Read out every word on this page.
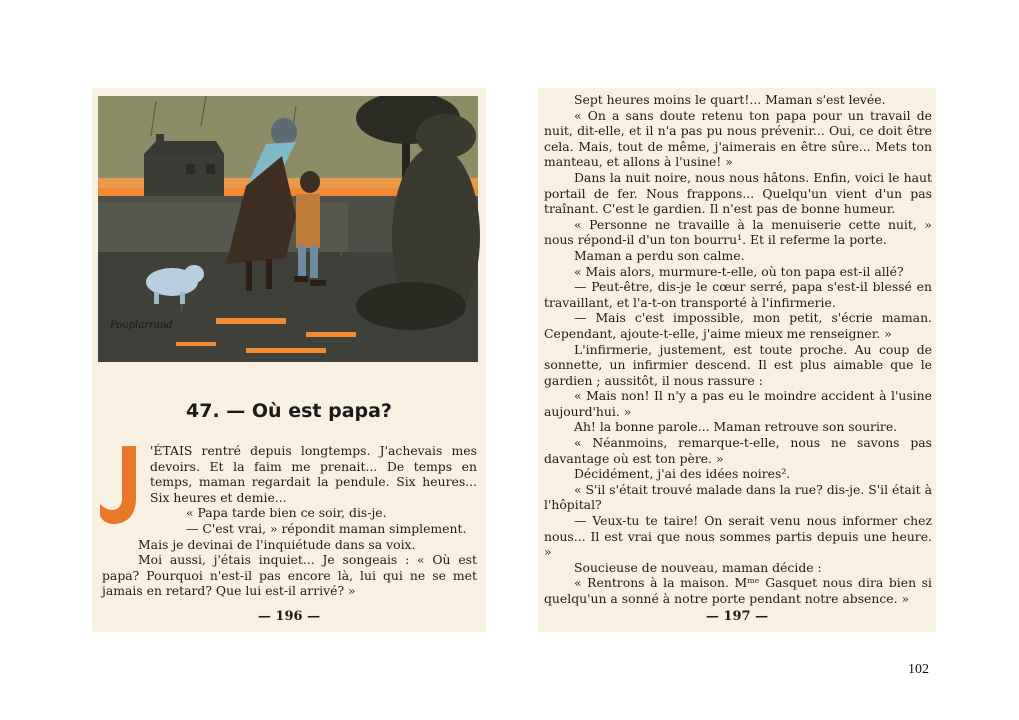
Pouplarrand
47. — Où est papa?

'ÉTAIS rentré depuis longtemps. J'achevais mes devoirs. Et la faim me prenait... De temps en temps, maman regardait la pendule. Six heures... Six heures et demie...

« Papa tarde bien ce soir, dis-je.

— C'est vrai, » répondit maman simplement.

Mais je devinai de l'inquiétude dans sa voix.

Moi aussi, j'étais inquiet... Je songeais : « Où est papa? Pourquoi n'est-il pas encore là, lui qui ne se met jamais en retard? Que lui est-il arrivé? »

— 196 —

Sept heures moins le quart!... Maman s'est levée.

« On a sans doute retenu ton papa pour un travail de nuit, dit-elle, et il n'a pas pu nous prévenir... Oui, ce doit être cela. Mais, tout de même, j'aimerais en être sûre... Mets ton manteau, et allons à l'usine! »

Dans la nuit noire, nous nous hâtons. Enfin, voici le haut portail de fer. Nous frappons... Quelqu'un vient d'un pas traînant. C'est le gardien. Il n'est pas de bonne humeur.

« Personne ne travaille à la menuiserie cette nuit, » nous répond-il d'un ton bourru¹. Et il referme la porte.

Maman a perdu son calme.

« Mais alors, murmure-t-elle, où ton papa est-il allé?

— Peut-être, dis-je le cœur serré, papa s'est-il blessé en travaillant, et l'a-t-on transporté à l'infirmerie.

— Mais c'est impossible, mon petit, s'écrie maman. Cependant, ajoute-t-elle, j'aime mieux me renseigner. »

L'infirmerie, justement, est toute proche. Au coup de sonnette, un infirmier descend. Il est plus aimable que le gardien ; aussitôt, il nous rassure :

« Mais non! Il n'y a pas eu le moindre accident à l'usine aujourd'hui. »

Ah! la bonne parole... Maman retrouve son sourire.

« Néanmoins, remarque-t-elle, nous ne savons pas davantage où est ton père. »

Décidément, j'ai des idées noires².

« S'il s'était trouvé malade dans la rue? dis-je. S'il était à l'hôpital?

— Veux-tu te taire! On serait venu nous informer chez nous... Il est vrai que nous sommes partis depuis une heure. »

Soucieuse de nouveau, maman décide :

« Rentrons à la maison. Mᵐᵉ Gasquet nous dira bien si quelqu'un a sonné à notre porte pendant notre absence. »

— 197 —
102
